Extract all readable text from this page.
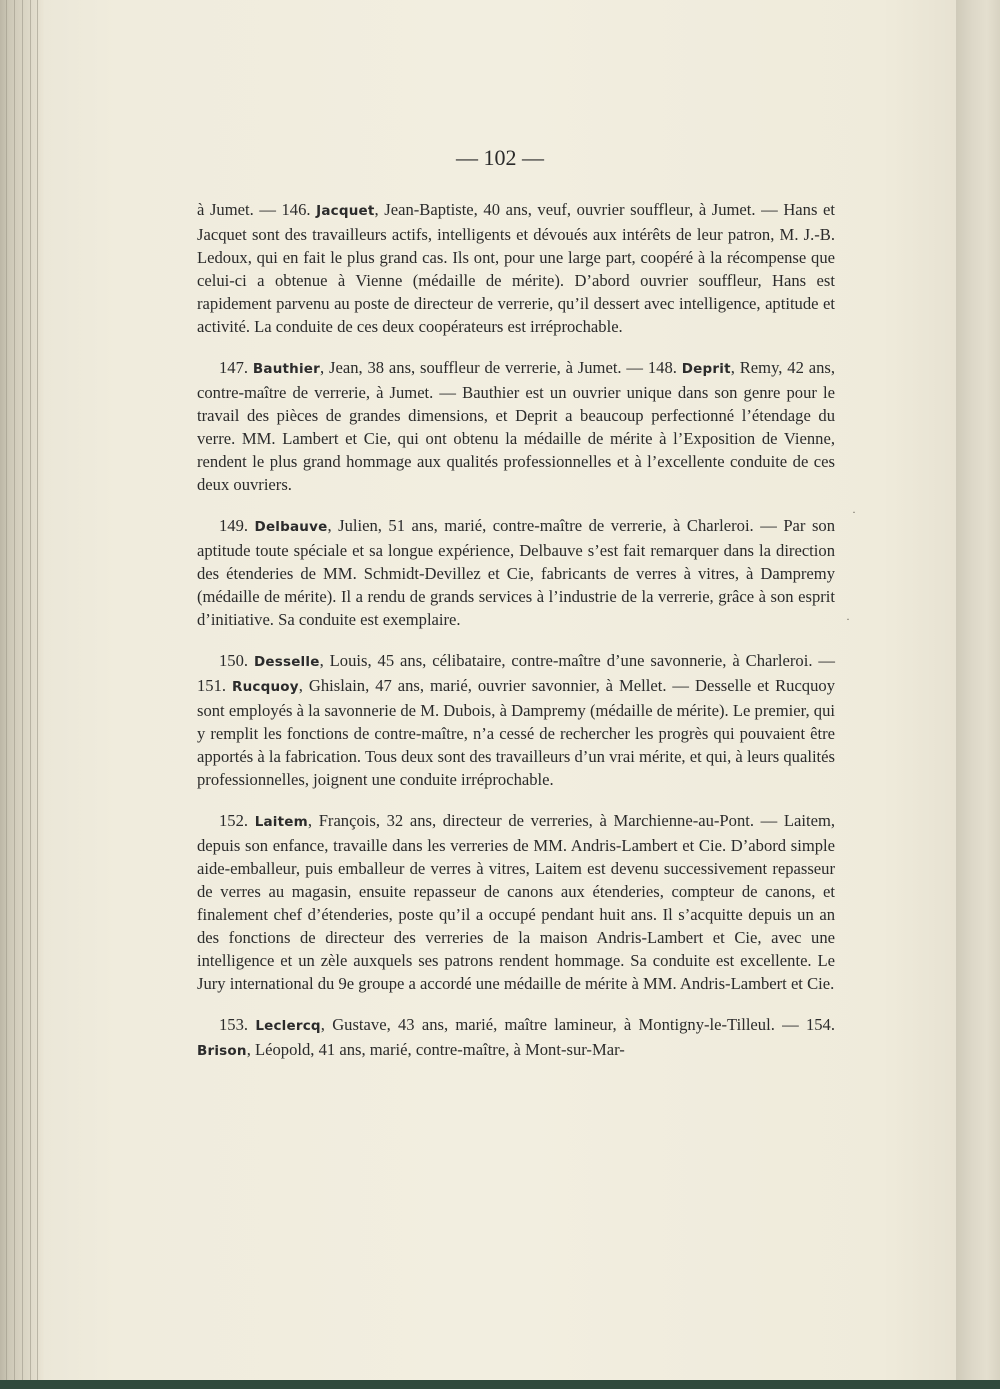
— 102 —

à Jumet. — 146. Jacquet, Jean-Baptiste, 40 ans, veuf, ouvrier souffleur, à Jumet. — Hans et Jacquet sont des travailleurs actifs, intelligents et dévoués aux intérêts de leur patron, M. J.-B. Ledoux, qui en fait le plus grand cas. Ils ont, pour une large part, coopéré à la récompense que celui-ci a obtenue à Vienne (médaille de mérite). D’abord ouvrier souffleur, Hans est rapidement parvenu au poste de directeur de verrerie, qu’il dessert avec intelligence, aptitude et activité. La conduite de ces deux coopérateurs est irréprochable.

147. Bauthier, Jean, 38 ans, souffleur de verrerie, à Jumet. — 148. Deprit, Remy, 42 ans, contre-maître de verrerie, à Jumet. — Bauthier est un ouvrier unique dans son genre pour le travail des pièces de grandes dimensions, et Deprit a beaucoup perfectionné l’étendage du verre. MM. Lambert et Cie, qui ont obtenu la médaille de mérite à l’Exposition de Vienne, rendent le plus grand hommage aux qualités professionnelles et à l’excellente conduite de ces deux ouvriers.

149. Delbauve, Julien, 51 ans, marié, contre-maître de verrerie, à Charleroi. — Par son aptitude toute spéciale et sa longue expérience, Delbauve s’est fait remarquer dans la direction des étenderies de MM. Schmidt-Devillez et Cie, fabricants de verres à vitres, à Dampremy (médaille de mérite). Il a rendu de grands services à l’industrie de la verrerie, grâce à son esprit d’initiative. Sa conduite est exemplaire.

150. Desselle, Louis, 45 ans, célibataire, contre-maître d’une savonnerie, à Charleroi. — 151. Rucquoy, Ghislain, 47 ans, marié, ouvrier savonnier, à Mellet. — Desselle et Rucquoy sont employés à la savonnerie de M. Dubois, à Dampremy (médaille de mérite). Le premier, qui y remplit les fonctions de contre-maître, n’a cessé de rechercher les progrès qui pouvaient être apportés à la fabrication. Tous deux sont des travailleurs d’un vrai mérite, et qui, à leurs qualités professionnelles, joignent une conduite irréprochable.

152. Laitem, François, 32 ans, directeur de verreries, à Marchienne-au-Pont. — Laitem, depuis son enfance, travaille dans les verreries de MM. Andris-Lambert et Cie. D’abord simple aide-emballeur, puis emballeur de verres à vitres, Laitem est devenu successivement repasseur de verres au magasin, ensuite repasseur de canons aux étenderies, compteur de canons, et finalement chef d’étenderies, poste qu’il a occupé pendant huit ans. Il s’acquitte depuis un an des fonctions de directeur des verreries de la maison Andris-Lambert et Cie, avec une intelligence et un zèle auxquels ses patrons rendent hommage. Sa conduite est excellente. Le Jury international du 9e groupe a accordé une médaille de mérite à MM. Andris-Lambert et Cie.

153. Leclercq, Gustave, 43 ans, marié, maître lamineur, à Montigny-le-Tilleul. — 154. Brison, Léopold, 41 ans, marié, contre-maître, à Mont-sur-Mar-

·
·
